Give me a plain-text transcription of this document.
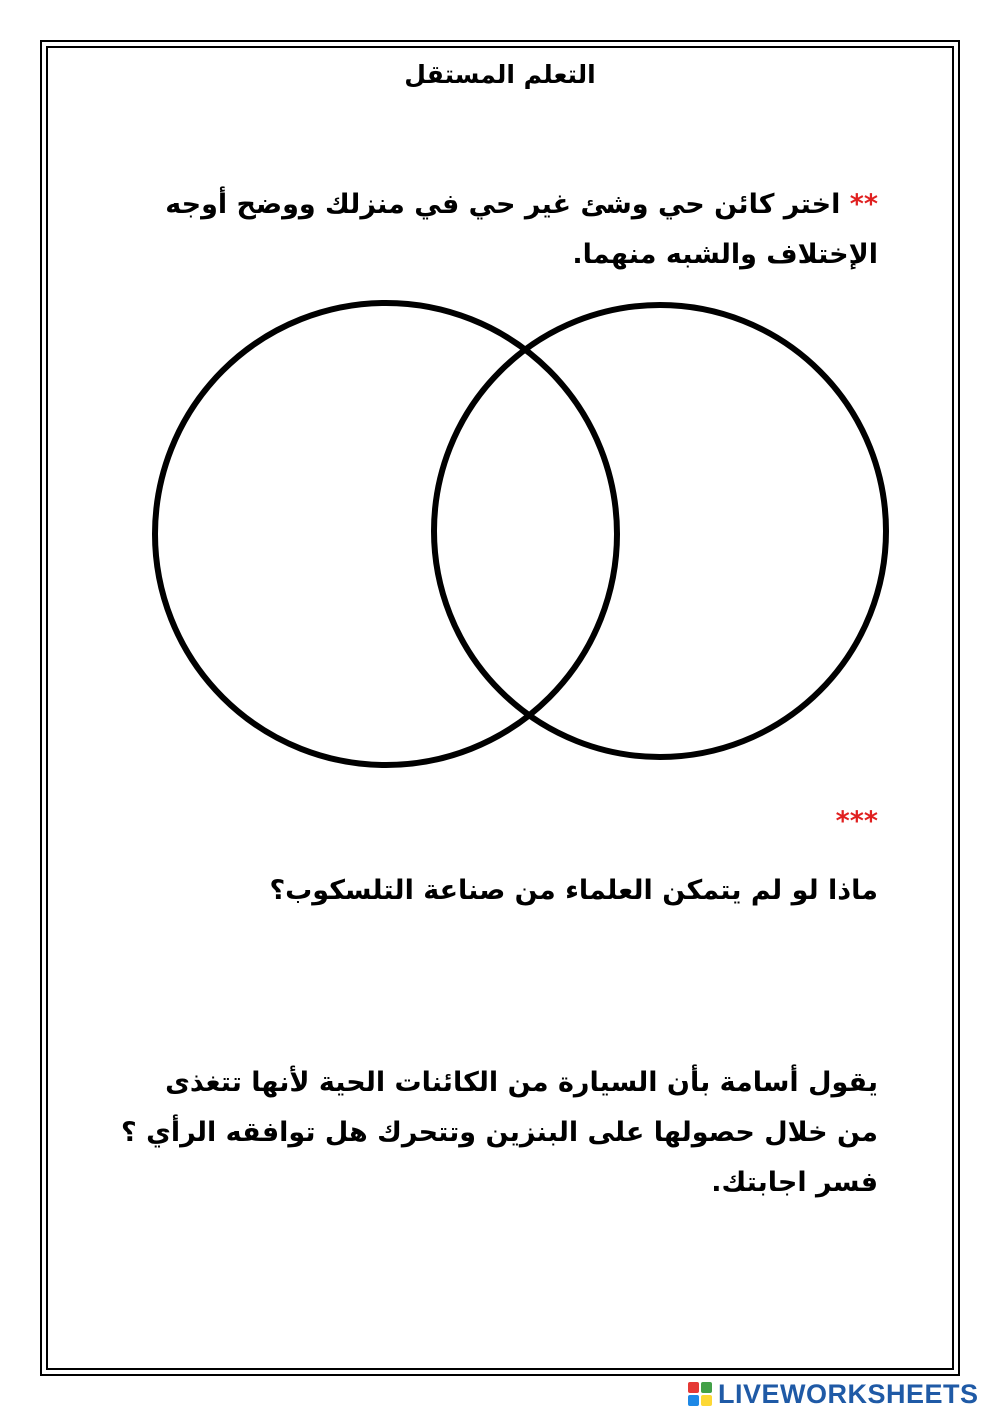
التعلم المستقل
** اختر كائن حي وشئ غير حي في منزلك ووضح أوجه الإختلاف والشبه منهما.
***
ماذا لو لم يتمكن العلماء من صناعة التلسكوب؟
يقول أسامة بأن السيارة من الكائنات الحية لأنها تتغذى من خلال حصولها على البنزين وتتحرك هل توافقه الرأي ؟فسر اجابتك.
LIVEWORKSHEETS
